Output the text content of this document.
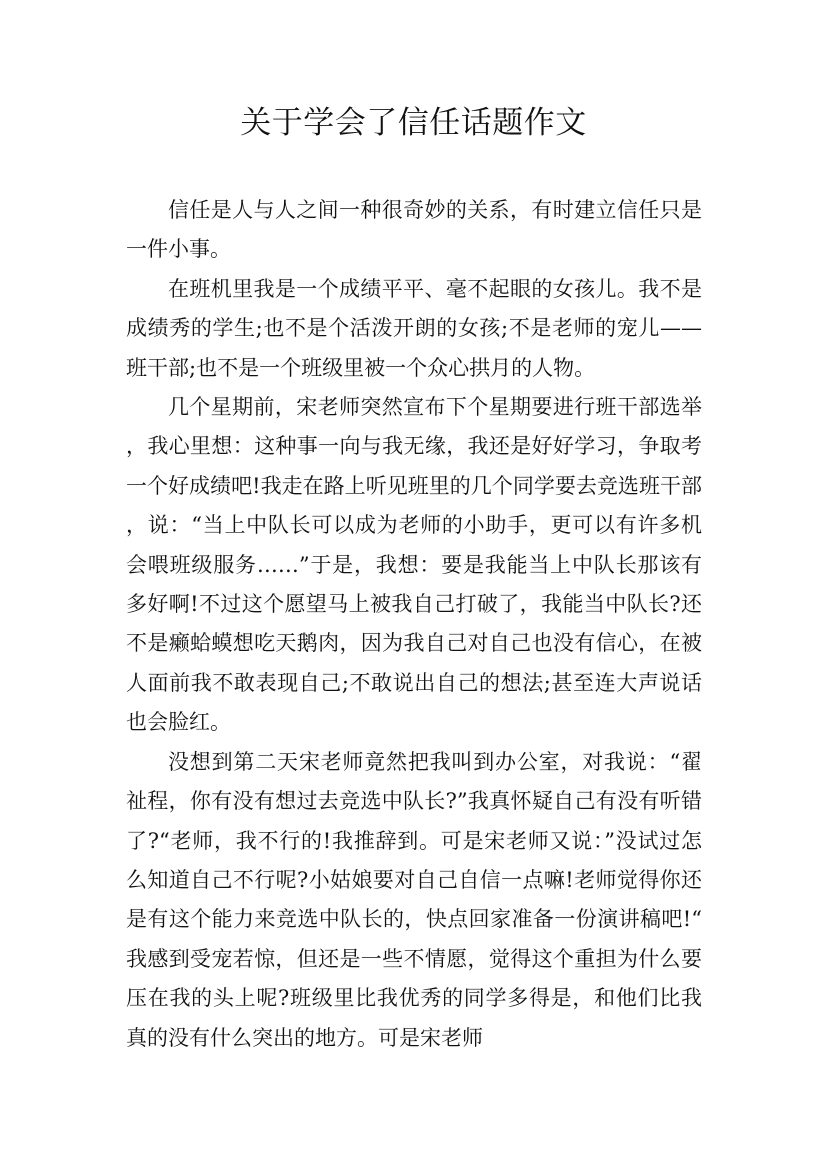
关于学会了信任话题作文

信任是人与人之间一种很奇妙的关系，有时建立信任只是一件小事。

在班机里我是一个成绩平平、毫不起眼的女孩儿。我不是成绩秀的学生;也不是个活泼开朗的女孩;不是老师的宠儿——班干部;也不是一个班级里被一个众心拱月的人物。

几个星期前，宋老师突然宣布下个星期要进行班干部选举，我心里想：这种事一向与我无缘，我还是好好学习，争取考一个好成绩吧!我走在路上听见班里的几个同学要去竞选班干部，说：“当上中队长可以成为老师的小助手，更可以有许多机会喂班级服务……”于是，我想：要是我能当上中队长那该有多好啊!不过这个愿望马上被我自己打破了，我能当中队长?还不是癞蛤蟆想吃天鹅肉，因为我自己对自己也没有信心，在被人面前我不敢表现自己;不敢说出自己的想法;甚至连大声说话也会脸红。

没想到第二天宋老师竟然把我叫到办公室，对我说：“翟祉程，你有没有想过去竞选中队长?”我真怀疑自己有没有听错了?“老师，我不行的!我推辞到。可是宋老师又说：”没试过怎么知道自己不行呢?小姑娘要对自己自信一点嘛!老师觉得你还是有这个能力来竞选中队长的，快点回家准备一份演讲稿吧!“我感到受宠若惊，但还是一些不情愿，觉得这个重担为什么要压在我的头上呢?班级里比我优秀的同学多得是，和他们比我真的没有什么突出的地方。可是宋老师
